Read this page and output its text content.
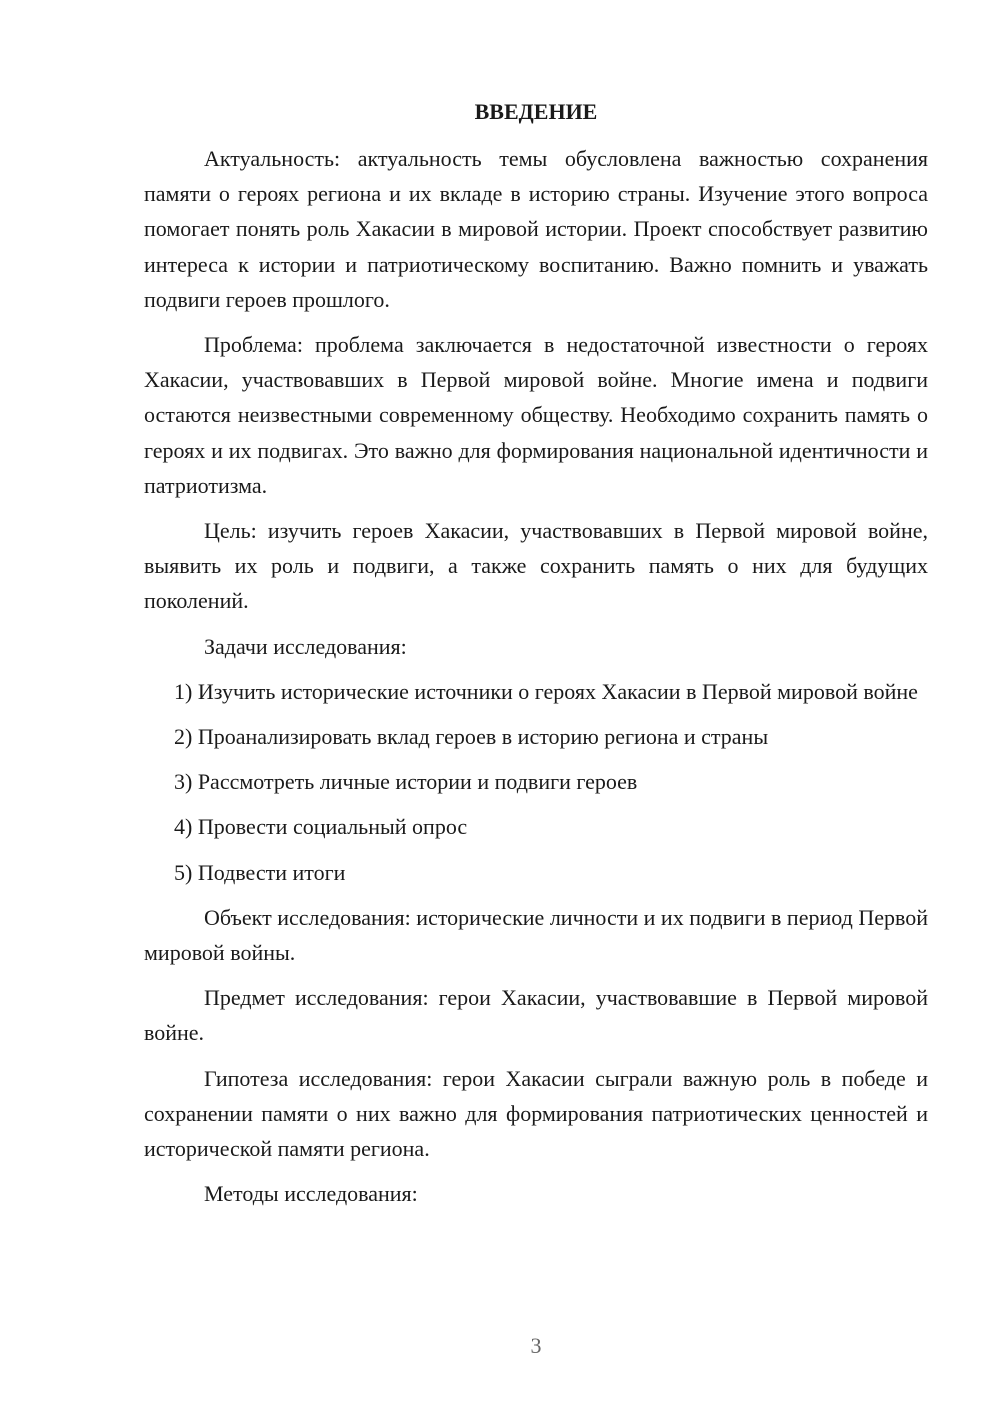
ВВЕДЕНИЕ

Актуальность: актуальность темы обусловлена важностью сохранения памяти о героях региона и их вкладе в историю страны. Изучение этого вопроса помогает понять роль Хакасии в мировой истории. Проект способствует развитию интереса к истории и патриотическому воспитанию. Важно помнить и уважать подвиги героев прошлого.

Проблема: проблема заключается в недостаточной известности о героях Хакасии, участвовавших в Первой мировой войне. Многие имена и подвиги остаются неизвестными современному обществу. Необходимо сохранить память о героях и их подвигах. Это важно для формирования национальной идентичности и патриотизма.

Цель: изучить героев Хакасии, участвовавших в Первой мировой войне, выявить их роль и подвиги, а также сохранить память о них для будущих поколений.

Задачи исследования:

1) Изучить исторические источники о героях Хакасии в Первой мировой войне

2) Проанализировать вклад героев в историю региона и страны

3) Рассмотреть личные истории и подвиги героев

4) Провести социальный опрос

5) Подвести итоги

Объект исследования: исторические личности и их подвиги в период Первой мировой войны.

Предмет исследования: герои Хакасии, участвовавшие в Первой мировой войне.

Гипотеза исследования: герои Хакасии сыграли важную роль в победе и сохранении памяти о них важно для формирования патриотических ценностей и исторической памяти региона.

Методы исследования:

3
